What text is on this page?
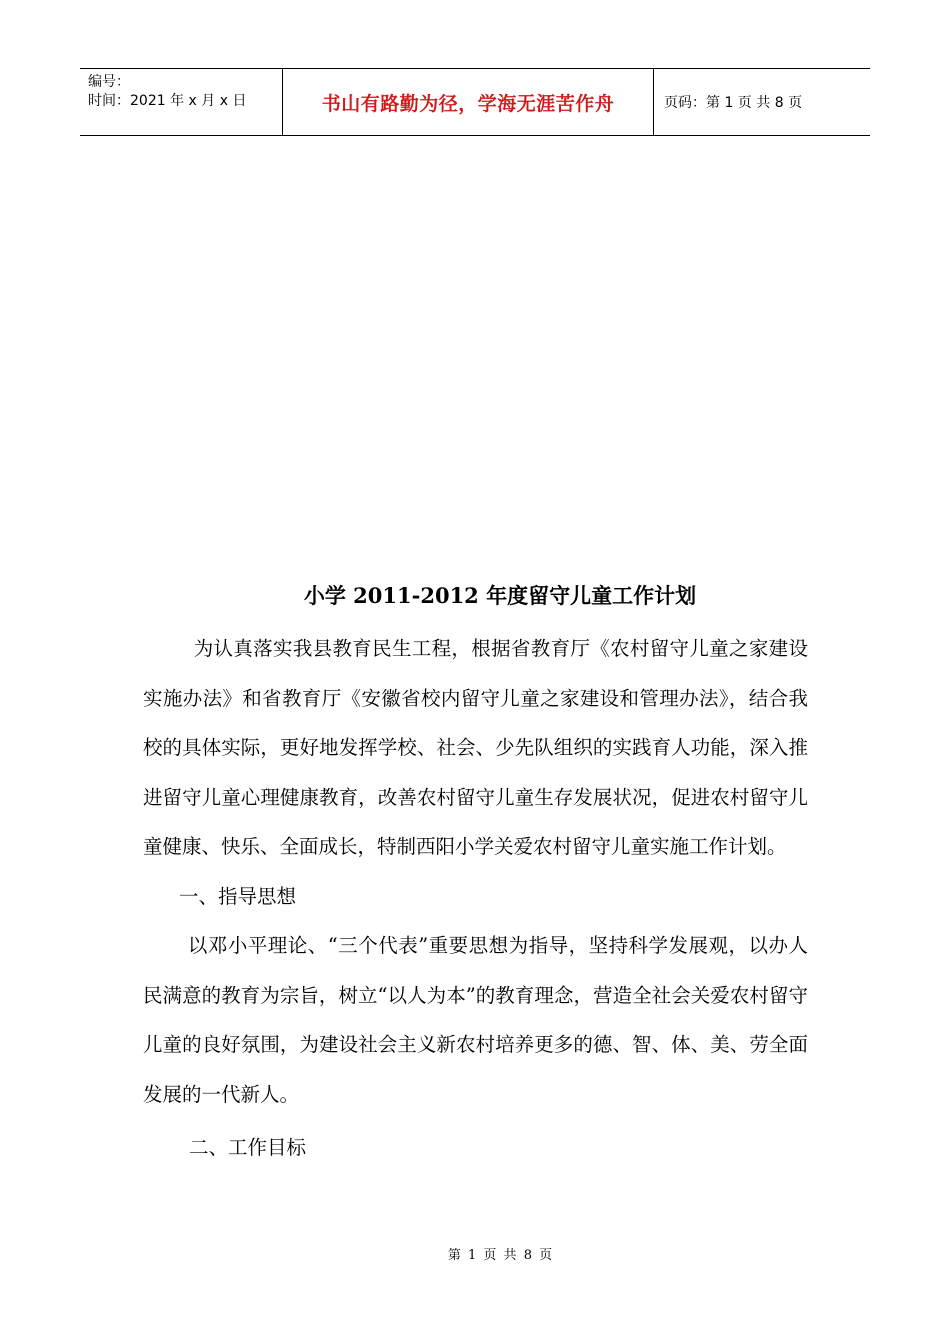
编号：
时间：2021 年 x 月 x 日	书山有路勤为径，学海无涯苦作舟	页码：第 1 页 共 8 页
小学 2011-2012 年度留守儿童工作计划

为认真落实我县教育民生工程，根据省教育厅《农村留守儿童之家建设实施办法》和省教育厅《安徽省校内留守儿童之家建设和管理办法》，结合我校的具体实际，更好地发挥学校、社会、少先队组织的实践育人功能，深入推进留守儿童心理健康教育，改善农村留守儿童生存发展状况，促进农村留守儿童健康、快乐、全面成长，特制西阳小学关爱农村留守儿童实施工作计划。

一、指导思想

以邓小平理论、“三个代表”重要思想为指导，坚持科学发展观，以办人民满意的教育为宗旨，树立“以人为本”的教育理念，营造全社会关爱农村留守儿童的良好氛围，为建设社会主义新农村培养更多的德、智、体、美、劳全面发展的一代新人。

二、工作目标

第 1 页 共 8 页
